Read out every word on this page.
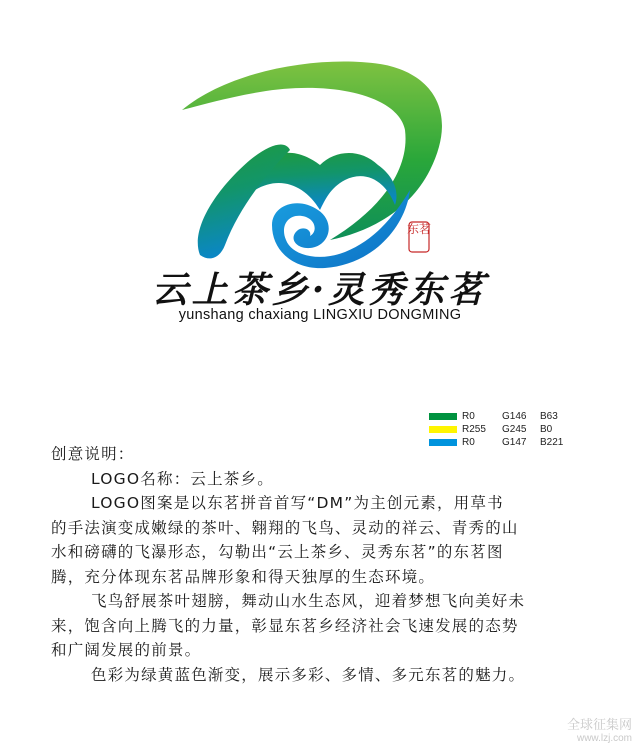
东茗
云上茶乡·灵秀东茗
yunshang chaxiang LINGXIU DONGMING
R0	G146	B63
R255	G245	B0
R0	G147	B221

创意说明：

LOGO名称：云上茶乡。

LOGO图案是以东茗拼音首写“DM”为主创元素，用草书

的手法演变成嫩绿的茶叶、翱翔的飞鸟、灵动的祥云、青秀的山

水和磅礴的飞瀑形态，勾勒出“云上茶乡、灵秀东茗”的东茗图

腾，充分体现东茗品牌形象和得天独厚的生态环境。

飞鸟舒展茶叶翅膀，舞动山水生态风，迎着梦想飞向美好未

来，饱含向上腾飞的力量，彰显东茗乡经济社会飞速发展的态势

和广阔发展的前景。

色彩为绿黄蓝色渐变，展示多彩、多情、多元东茗的魅力。

全球征集网
www.lzj.com
